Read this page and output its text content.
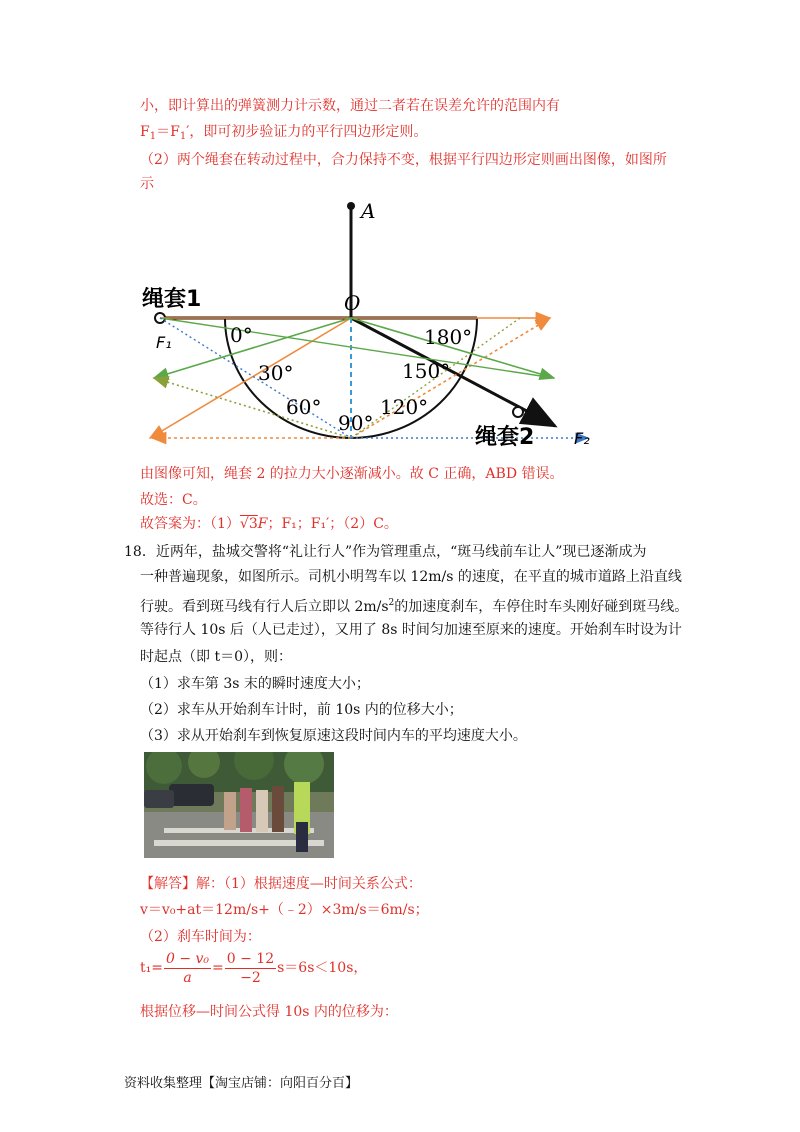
小，即计算出的弹簧测力计示数，通过二者若在误差允许的范围内有
$F_1=F_1'$，即可初步验证力的平行四边形定则。
（2）两个绳套在转动过程中，合力保持不变，根据平行四边形定则画出图像，如图所
示
A
O
绳套1
绳套2
F₁
F₂
0°
30°
60°
90°
120°
150°
180°
由图像可知，绳套 2 的拉力大小逐渐减小。故 C 正确，ABD 错误。
故选：C。
故答案为：（1）√3F；F₁；F₁′；（2）C。
18．近两年，盐城交警将“礼让行人”作为管理重点，“斑马线前车让人”现已逐渐成为
一种普遍现象，如图所示。司机小明驾车以 12m/s 的速度，在平直的城市道路上沿直线
行驶。看到斑马线有行人后立即以 $2m/s^2$的加速度刹车，车停住时车头刚好碰到斑马线。
等待行人 10s 后（人已走过），又用了 8s 时间匀加速至原来的速度。开始刹车时设为计
时起点（即 t＝0），则：
（1）求车第 3s 末的瞬时速度大小；
（2）求车从开始刹车计时，前 10s 内的位移大小；
（3）求从开始刹车到恢复原速这段时间内车的平均速度大小。
【解答】解：（1）根据速度—时间关系公式：
v＝v₀+at＝12m/s+（﹣2）×3m/s＝6m/s；
（2）刹车时间为：
$t_1= \frac{\text{0 − v₀}}{a} = \frac{0 - 12}{-2} s=6s<10s$，
根据位移—时间公式得 10s 内的位移为：
资料收集整理【淘宝店铺：向阳百分百】
